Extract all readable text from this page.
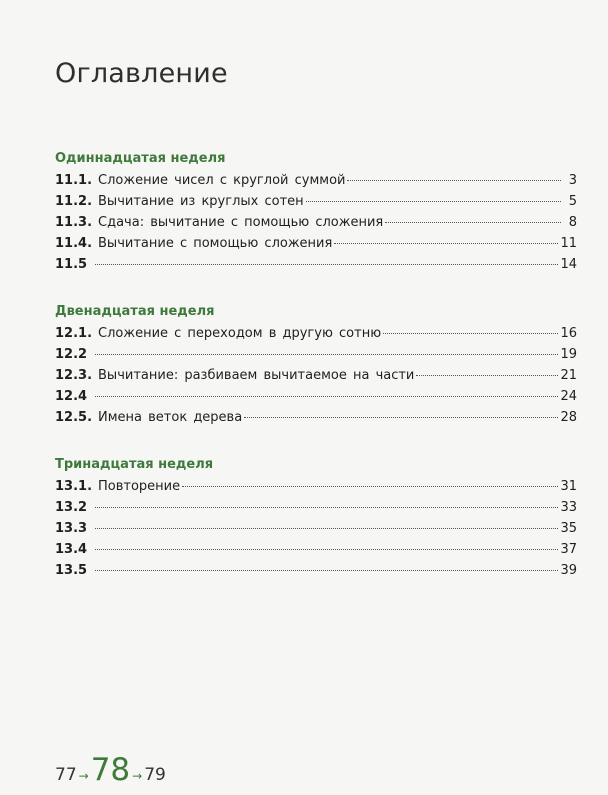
Оглавление
Одиннадцатая неделя
11.1. Сложение чисел с круглой суммой	3
11.2. Вычитание из круглых сотен	5
11.3. Сдача: вычитание с помощью сложения	8
11.4. Вычитание с помощью сложения	11
11.5	14
Двенадцатая неделя
12.1. Сложение с переходом в другую сотню	16
12.2	19
12.3. Вычитание: разбиваем вычитаемое на части	21
12.4	24
12.5. Имена веток дерева	28
Тринадцатая неделя
13.1. Повторение	31
13.2	33
13.3	35
13.4	37
13.5	39
77 → 78 → 79
